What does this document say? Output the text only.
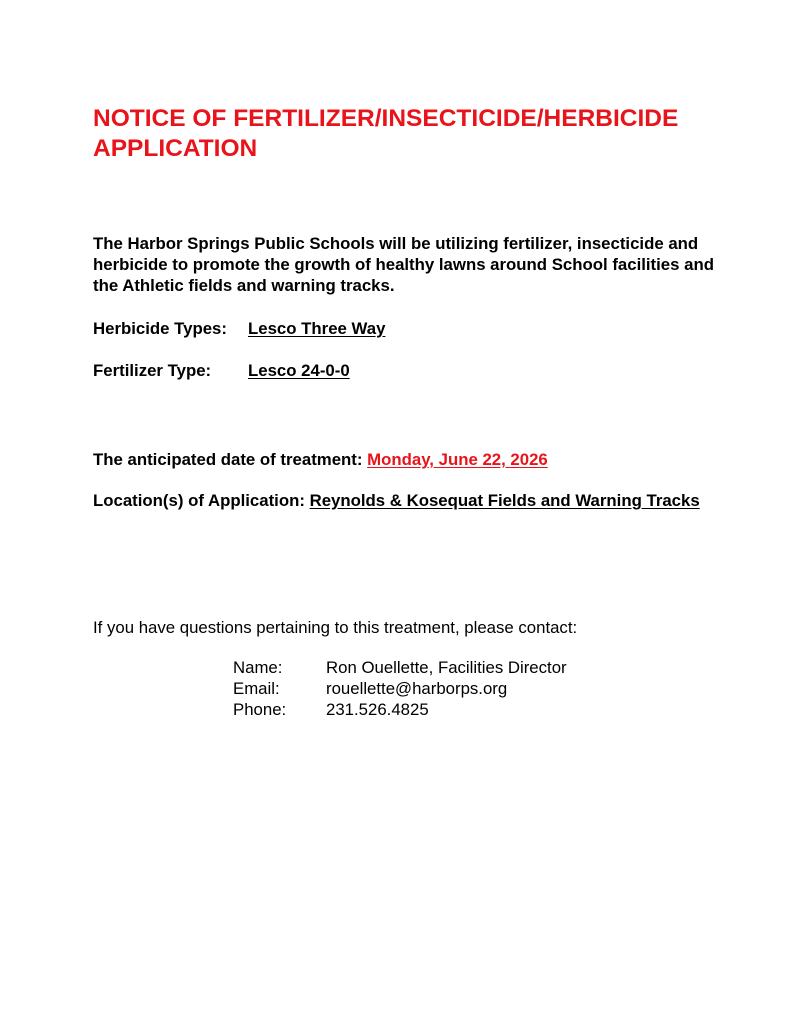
NOTICE OF FERTILIZER/INSECTICIDE/HERBICIDE APPLICATION

The Harbor Springs Public Schools will be utilizing fertilizer, insecticide and herbicide to promote the growth of healthy lawns around School facilities and the Athletic fields and warning tracks.

Herbicide Types: Lesco Three Way
Fertilizer Type: Lesco 24-0-0
The anticipated date of treatment: Monday, June 22, 2026
Location(s) of Application: Reynolds & Kosequat Fields and Warning Tracks

If you have questions pertaining to this treatment, please contact:

Name:	Ron Ouellette, Facilities Director
Email:	rouellette@harborps.org
Phone:	231.526.4825
